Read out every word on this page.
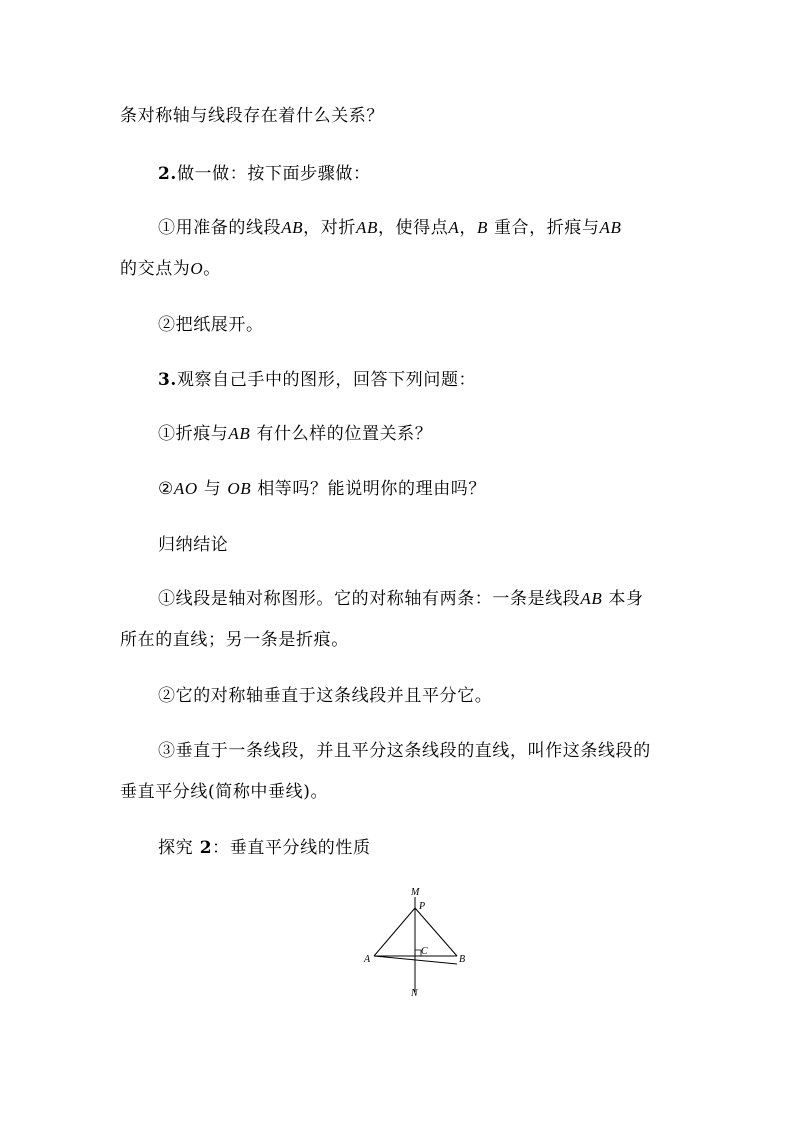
条对称轴与线段存在着什么关系？
2.做一做：按下面步骤做：
①用准备的线段AB，对折AB，使得点A，B 重合，折痕与AB
的交点为O。
②把纸展开。
3.观察自己手中的图形，回答下列问题：
①折痕与AB 有什么样的位置关系？
②AO 与 OB 相等吗？能说明你的理由吗？
归纳结论
①线段是轴对称图形。它的对称轴有两条：一条是线段AB 本身
所在的直线；另一条是折痕。
②它的对称轴垂直于这条线段并且平分它。
③垂直于一条线段，并且平分这条线段的直线，叫作这条线段的
垂直平分线(简称中垂线)。
探究 2：垂直平分线的性质
M
P
C
A	B
N
